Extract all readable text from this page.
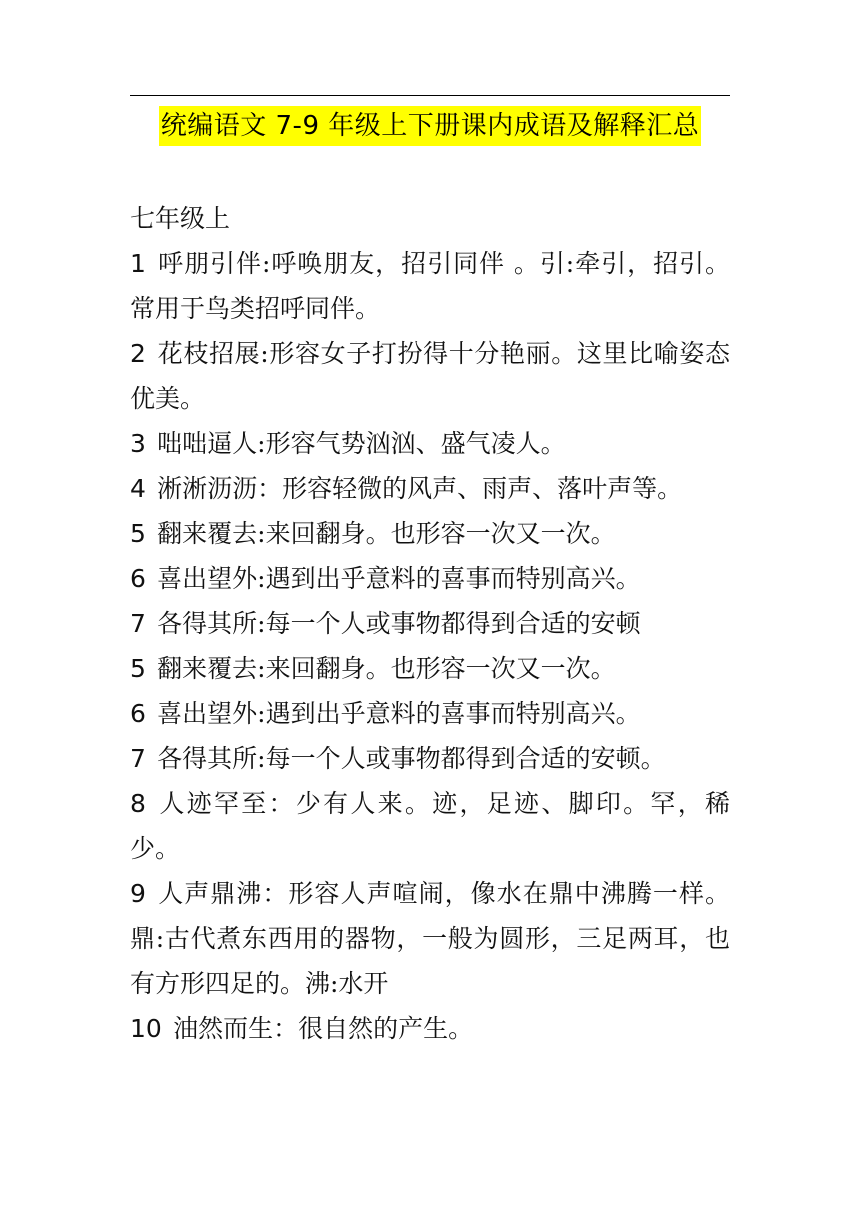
统编语文 7-9 年级上下册课内成语及解释汇总
七年级上
1 呼朋引伴:呼唤朋友，招引同伴 。引:牵引，招引。常用于鸟类招呼同伴。
2 花枝招展:形容女子打扮得十分艳丽。这里比喻姿态优美。
3 咄咄逼人:形容气势汹汹、盛气凌人。
4 淅淅沥沥：形容轻微的风声、雨声、落叶声等。
5 翻来覆去:来回翻身。也形容一次又一次。
6 喜出望外:遇到出乎意料的喜事而特别高兴。
7 各得其所:每一个人或事物都得到合适的安顿
5 翻来覆去:来回翻身。也形容一次又一次。
6 喜出望外:遇到出乎意料的喜事而特别高兴。
7 各得其所:每一个人或事物都得到合适的安顿。
8 人迹罕至：少有人来。迹，足迹、脚印。罕，稀少。
9 人声鼎沸：形容人声喧闹，像水在鼎中沸腾一样。鼎:古代煮东西用的器物，一般为圆形，三足两耳，也有方形四足的。沸:水开
10 油然而生：很自然的产生。
